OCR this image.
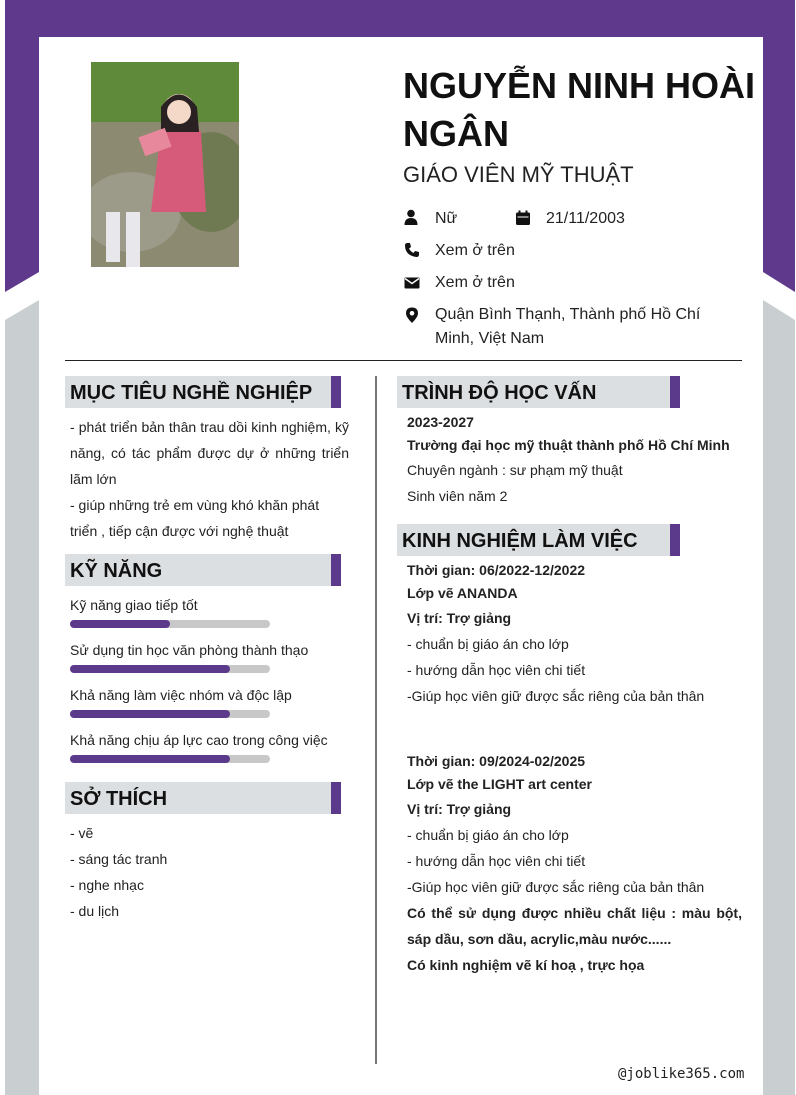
NGUYỄN NINH HOÀI NGÂN
GIÁO VIÊN MỸ THUẬT
Nữ	21/11/2003
Xem ở trên
Xem ở trên
Quận Bình Thạnh, Thành phố Hồ Chí Minh, Việt Nam
MỤC TIÊU NGHỀ NGHIỆP
- phát triển bản thân trau dồi kinh nghiệm, kỹ năng, có tác phẩm được dự ở những triển lãm lớn
- giúp những trẻ em vùng khó khăn phát triển , tiếp cận được với nghệ thuật
KỸ NĂNG
Kỹ năng giao tiếp tốt
Sử dụng tin học văn phòng thành thạo
Khả năng làm việc nhóm và độc lập
Khả năng chịu áp lực cao trong công việc
SỞ THÍCH
- vẽ
- sáng tác tranh
- nghe nhạc
- du lịch
TRÌNH ĐỘ HỌC VẤN
2023-2027
Trường đại học mỹ thuật thành phố Hồ Chí Minh
Chuyên ngành : sư phạm mỹ thuật
Sinh viên năm 2
KINH NGHIỆM LÀM VIỆC
Thời gian: 06/2022-12/2022
Lớp vẽ ANANDA
Vị trí: Trợ giảng
- chuẩn bị giáo án cho lớp
- hướng dẫn học viên chi tiết
-Giúp học viên giữ được sắc riêng của bản thân
Thời gian: 09/2024-02/2025
Lớp vẽ the LIGHT art center
Vị trí: Trợ giảng
- chuẩn bị giáo án cho lớp
- hướng dẫn học viên chi tiết
-Giúp học viên giữ được sắc riêng của bản thân
Có thể sử dụng được nhiều chất liệu : màu bột, sáp dầu, sơn dầu, acrylic,màu nước......
Có kinh nghiệm vẽ kí hoạ , trực họa
@joblike365.com
